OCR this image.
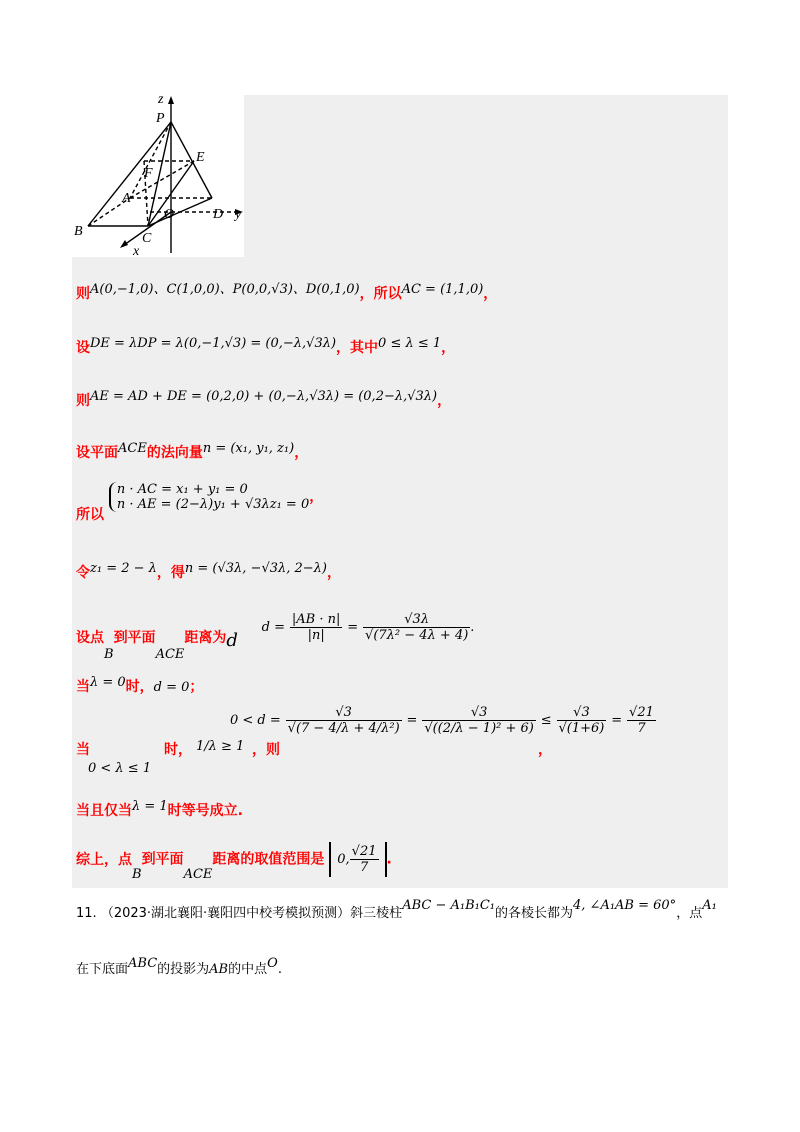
z
P
E
F
A
O	D y
B	C
x
则A(0,−1,0)、C(1,0,0)、P(0,0,√3)、D(0,1,0)，所以AC = (1,1,0)，
设DE = λDP = λ(0,−1,√3) = (0,−λ,√3λ)，其中0 ≤ λ ≤ 1，
则AE = AD + DE = (0,2,0) + (0,−λ,√3λ) = (0,2−λ,√3λ)，
设平面ACE的法向量n = (x₁, y₁, z₁)，
所以
n · AC = x₁ + y₁ = 0
n · AE = (2−λ)y₁ + √3λz₁ = 0 ，
令z₁ = 2 − λ，得n = (√3λ, −√3λ, 2−λ)，
设点B到平面ACE距离为d  $d = \frac{|AB \cdot n|}{|n|} = \frac{√3\lambda}{\text{√(7λ² − 4λ + 4)}}$ .
当λ = 0时，d = 0；
当
0 < λ ≤ 1
时， 1/λ ≥ 1 ，则
$0 < d = \frac{√3}{\text{√(7 − 4/λ + 4/λ²)}} = \frac{√3}{\text{√((2/λ − 1)² + 6)}} \le \frac{√3}{√(1+6)} = \frac{√21}{7}$
，
当且仅当λ = 1时等号成立.
综上，点B到平面ACE距离的取值范围是 0, $\frac{√21}{7}$ .
11. （2023·湖北襄阳·襄阳四中校考模拟预测）斜三棱柱ABC − A₁B₁C₁的各棱长都为4, ∠A₁AB = 60°，点A₁
在下底面ABC的投影为AB的中点O.
